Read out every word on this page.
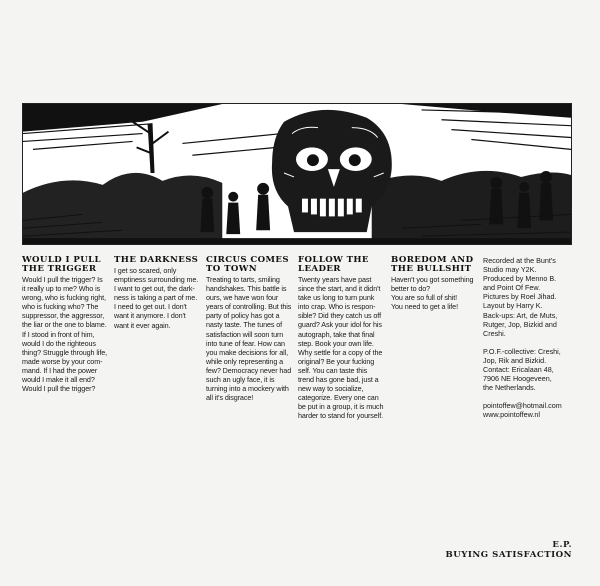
WOULD I PULL
THE TRIGGER

Would I pull the trigger? Is
it really up to me? Who is
wrong, who is fucking right,
who is fucking who? The
suppressor, the aggressor,
the liar or the one to blame.
If I stood in front of him,
would I do the righteous
thing? Struggle through life,
made worse by your com-
mand. If I had the power
would I make it all end?
Would I pull the trigger?

THE DARKNESS

I get so scared, only
emptiness surrounding me.
I want to get out, the dark-
ness is taking a part of me.
I need to get out. I don't
want it anymore. I don't
want it ever again.

CIRCUS COMES
TO TOWN

Treating to tarts, smiling
handshakes. This battle is
ours, we have won four
years of controlling. But this
party of policy has got a
nasty taste. The tunes of
satisfaction will soon turn
into tune of fear. How can
you make decisions for all,
while only representing a
few? Democracy never had
such an ugly face, it is
turning into a mockery with
all it's disgrace!

FOLLOW THE
LEADER

Twenty years have past
since the start, and it didn't
take us long to turn punk
into crap. Who is respon-
sible? Did they catch us off
guard? Ask your idol for his
autograph, take that final
step. Book your own life.
Why settle for a copy of the
original? Be your fucking
self. You can taste this
trend has gone bad, just a
new way to socialize,
categorize. Every one can
be put in a group, it is much
harder to stand for yourself.

BOREDOM AND
THE BULLSHIT

Haven't you got something
better to do?
You are so full of shit!
You need to get a life!

Recorded at the Bunt's
Studio may Y2K.
Produced by Menno B.
and Point Of Few.
Pictures by Roel Jihad.
Layout by Harry K.
Back-ups: Art, de Muts,
Rutger, Jop, Bizkid and
Creshi.

P.O.F.-collective: Creshi,
Jop, Rik and Bizkid.
Contact: Ericalaan 48,
7906 NE Hoogeveen,
the Netherlands.

pointoffew@hotmail.com
www.pointoffew.nl

E.P.
BUYING SATISFACTION
